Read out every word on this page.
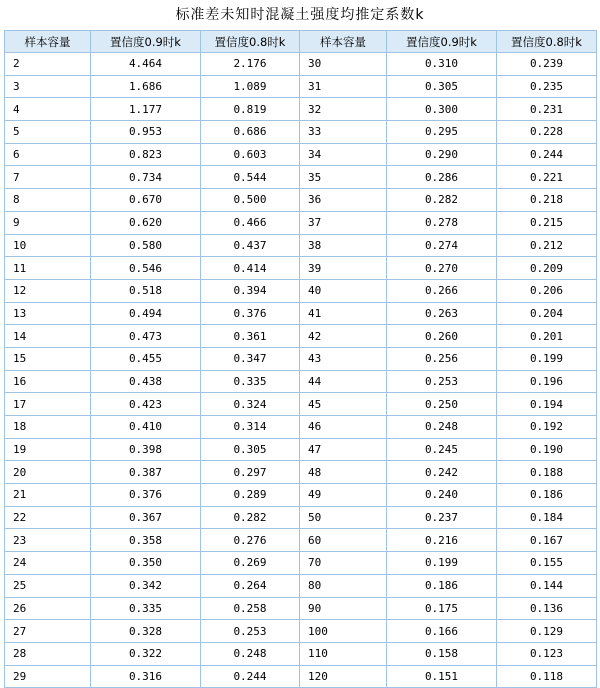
标准差未知时混凝土强度均推定系数k
样本容量	置信度0.9时k	置信度0.8时k	样本容量	置信度0.9时k	置信度0.8时k
2	4.464	2.176	30	0.310	0.239
3	1.686	1.089	31	0.305	0.235
4	1.177	0.819	32	0.300	0.231
5	0.953	0.686	33	0.295	0.228
6	0.823	0.603	34	0.290	0.244
7	0.734	0.544	35	0.286	0.221
8	0.670	0.500	36	0.282	0.218
9	0.620	0.466	37	0.278	0.215
10	0.580	0.437	38	0.274	0.212
11	0.546	0.414	39	0.270	0.209
12	0.518	0.394	40	0.266	0.206
13	0.494	0.376	41	0.263	0.204
14	0.473	0.361	42	0.260	0.201
15	0.455	0.347	43	0.256	0.199
16	0.438	0.335	44	0.253	0.196
17	0.423	0.324	45	0.250	0.194
18	0.410	0.314	46	0.248	0.192
19	0.398	0.305	47	0.245	0.190
20	0.387	0.297	48	0.242	0.188
21	0.376	0.289	49	0.240	0.186
22	0.367	0.282	50	0.237	0.184
23	0.358	0.276	60	0.216	0.167
24	0.350	0.269	70	0.199	0.155
25	0.342	0.264	80	0.186	0.144
26	0.335	0.258	90	0.175	0.136
27	0.328	0.253	100	0.166	0.129
28	0.322	0.248	110	0.158	0.123
29	0.316	0.244	120	0.151	0.118
